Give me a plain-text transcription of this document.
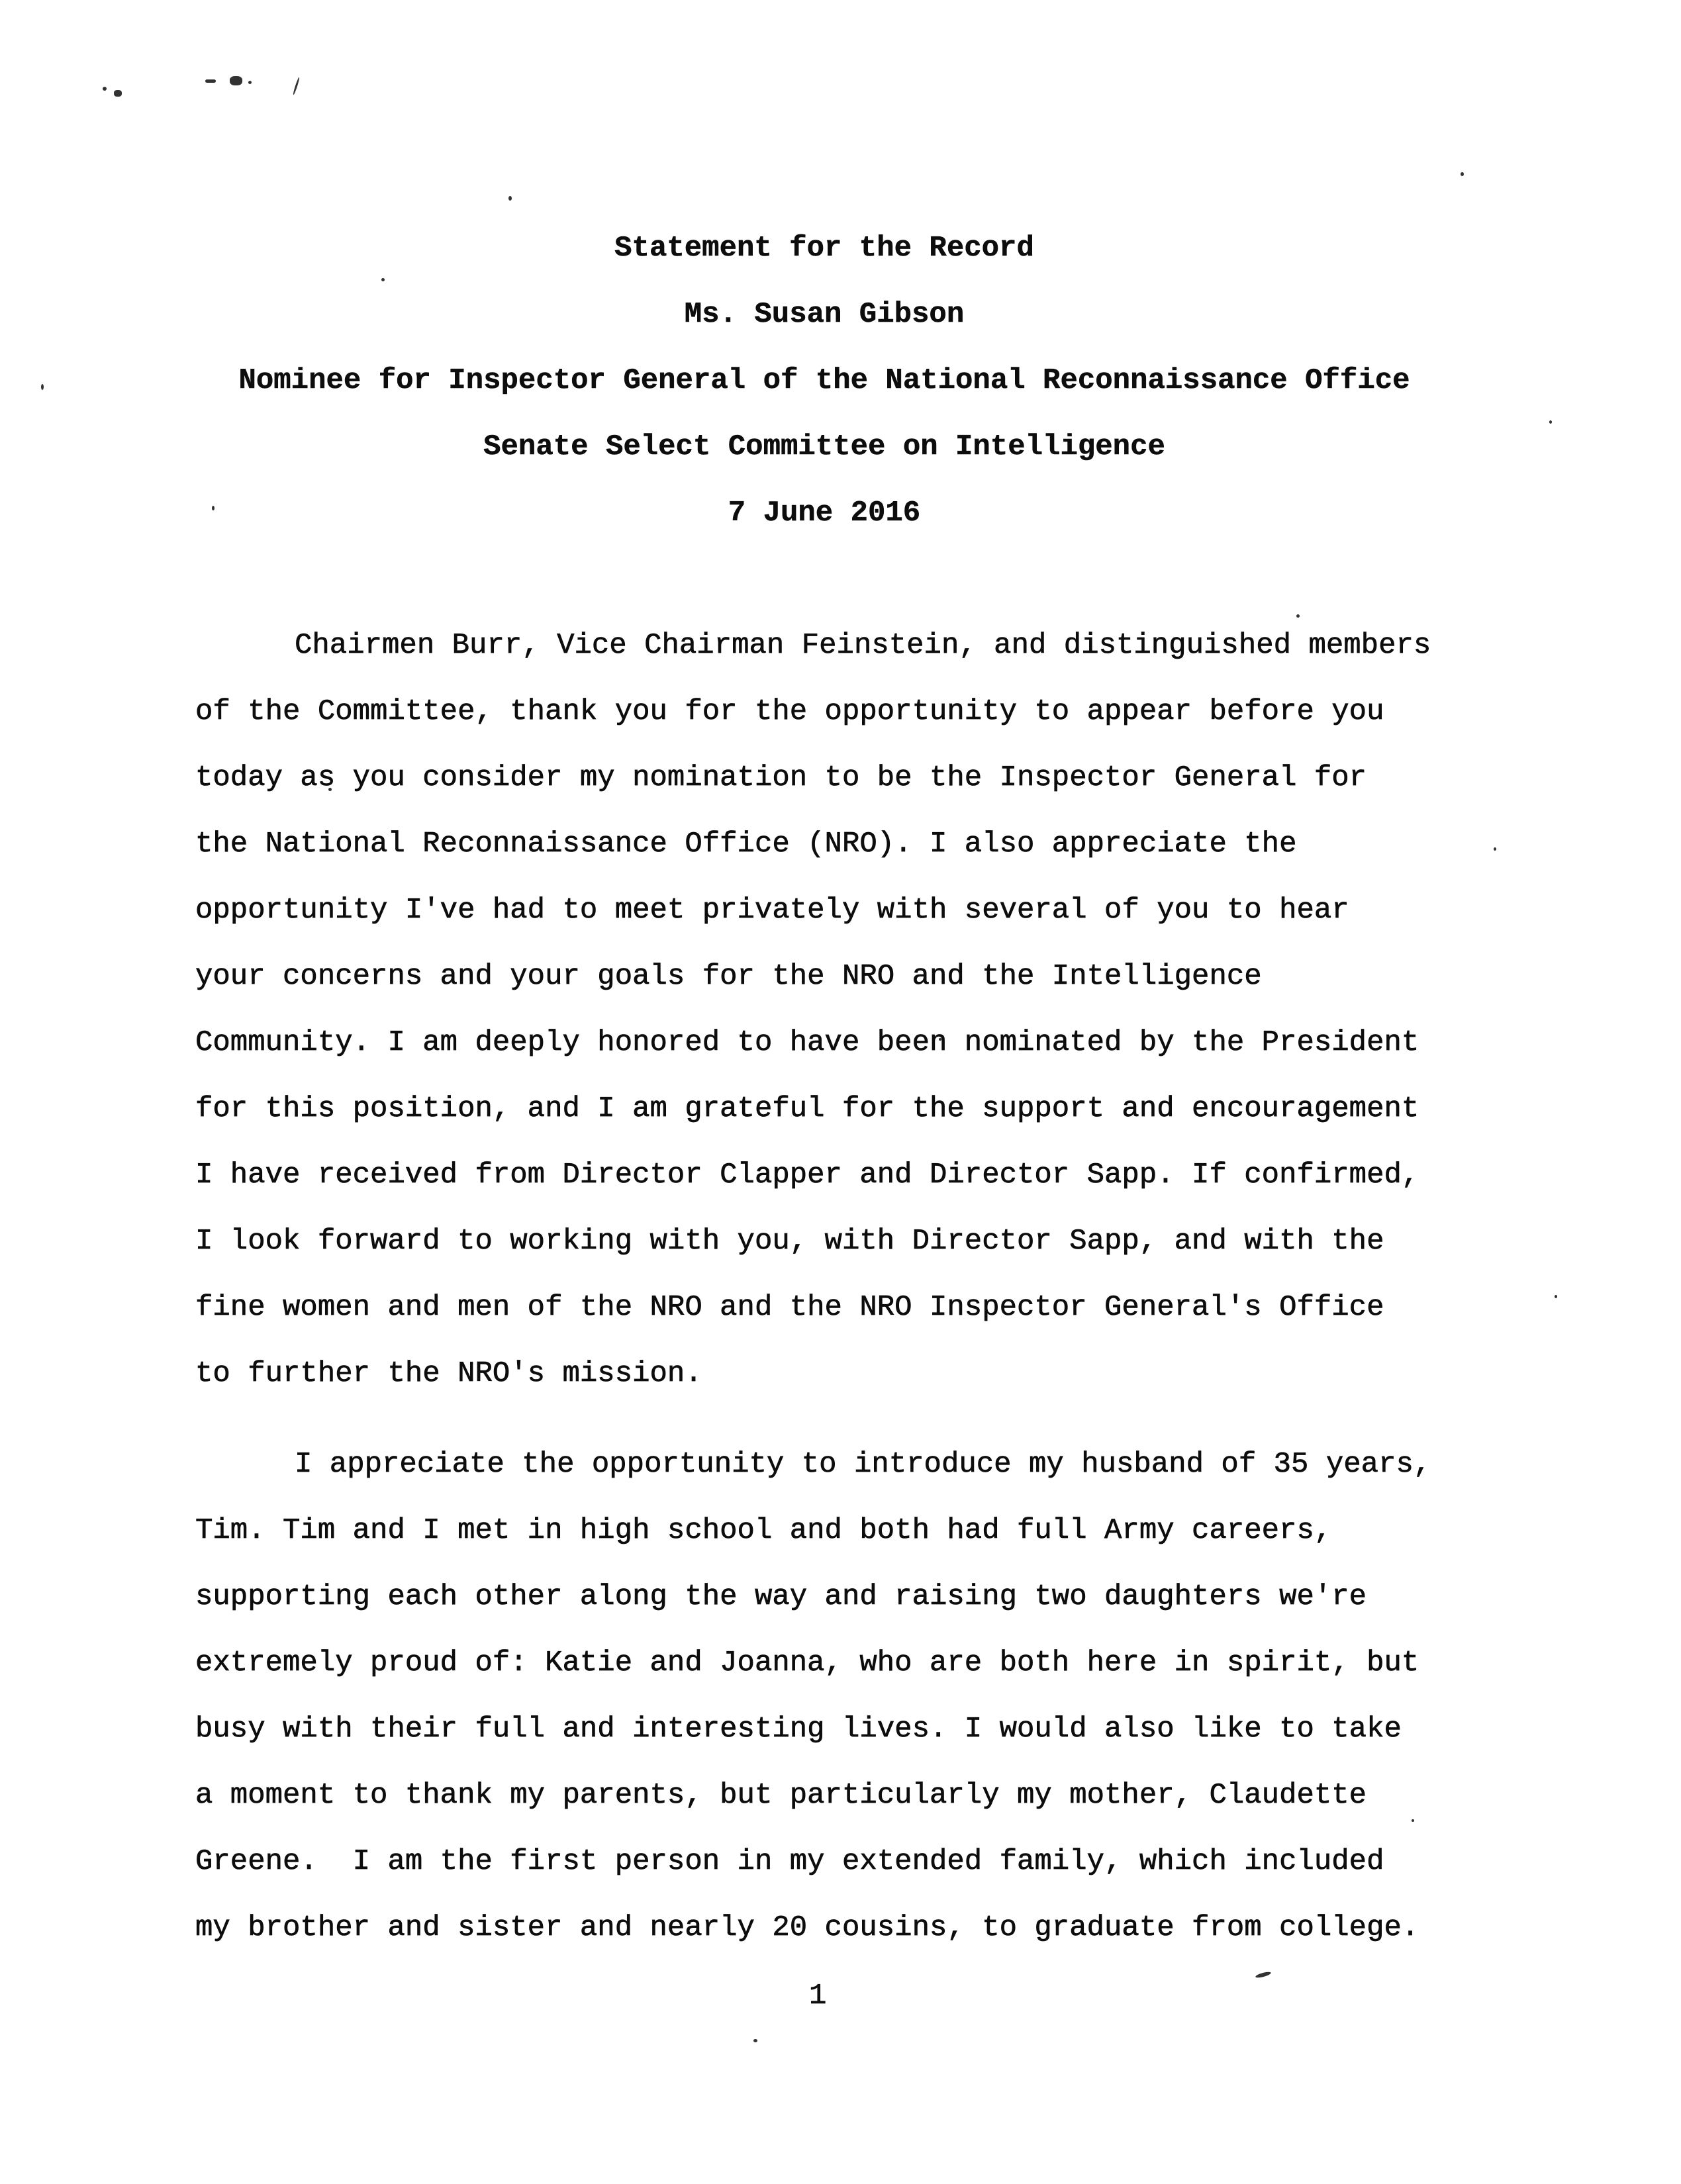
Statement for the Record
Ms. Susan Gibson
Nominee for Inspector General of the National Reconnaissance Office
Senate Select Committee on Intelligence
7 June 2016
Chairmen Burr, Vice Chairman Feinstein, and distinguished members
of the Committee, thank you for the opportunity to appear before you
today as you consider my nomination to be the Inspector General for
the National Reconnaissance Office (NRO). I also appreciate the
opportunity I've had to meet privately with several of you to hear
your concerns and your goals for the NRO and the Intelligence
Community. I am deeply honored to have been nominated by the President
for this position, and I am grateful for the support and encouragement
I have received from Director Clapper and Director Sapp. If confirmed,
I look forward to working with you, with Director Sapp, and with the
fine women and men of the NRO and the NRO Inspector General's Office
to further the NRO's mission.
I appreciate the opportunity to introduce my husband of 35 years,
Tim. Tim and I met in high school and both had full Army careers,
supporting each other along the way and raising two daughters we're
extremely proud of: Katie and Joanna, who are both here in spirit, but
busy with their full and interesting lives. I would also like to take
a moment to thank my parents, but particularly my mother, Claudette
Greene.  I am the first person in my extended family, which included
my brother and sister and nearly 20 cousins, to graduate from college.
1
